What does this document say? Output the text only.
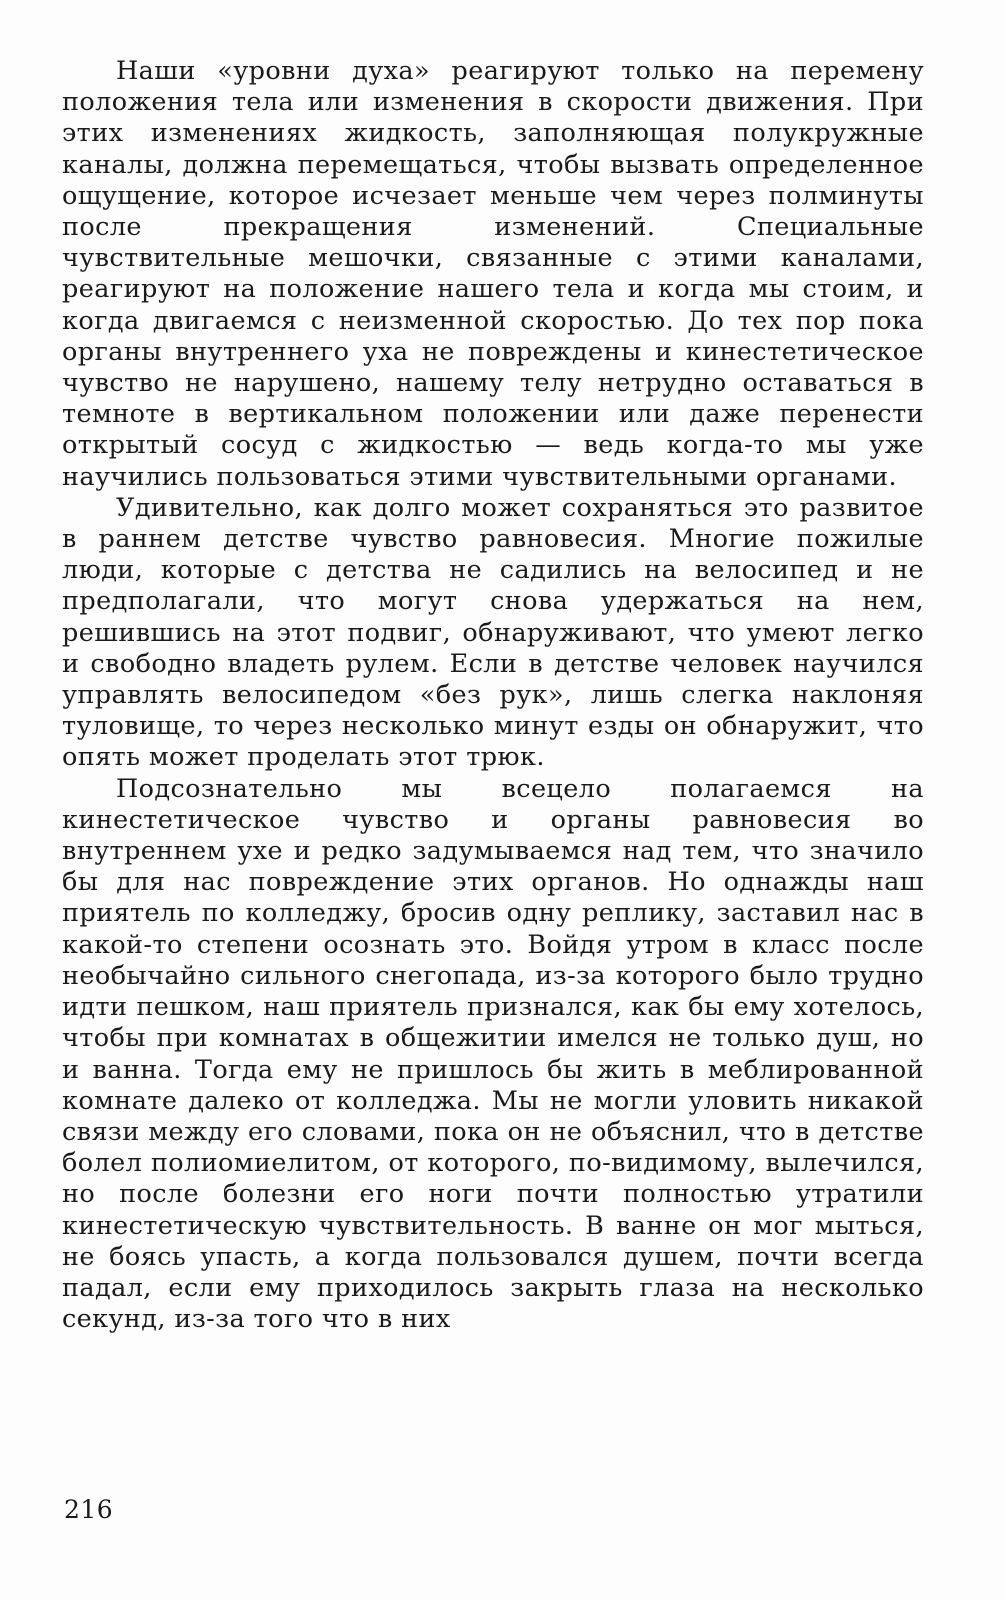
Наши «уровни духа» реагируют только на перемену положения тела или изменения в скорости движения. При этих изменениях жидкость, заполняющая полукружные каналы, должна перемещаться, чтобы вызвать определенное ощущение, которое исчезает меньше чем через полминуты после прекращения изменений. Специальные чувствительные мешочки, связанные с этими каналами, реагируют на положение нашего тела и когда мы стоим, и когда двигаемся с неизменной скоростью. До тех пор пока органы внутреннего уха не повреждены и кинестетическое чувство не нарушено, нашему телу нетрудно оставаться в темноте в вертикальном положении или даже перенести открытый сосуд с жидкостью — ведь когда-то мы уже научились пользоваться этими чувствительными органами.

Удивительно, как долго может сохраняться это развитое в раннем детстве чувство равновесия. Многие пожилые люди, которые с детства не садились на велосипед и не предполагали, что могут снова удержаться на нем, решившись на этот подвиг, обнаруживают, что умеют легко и свободно владеть рулем. Если в детстве человек научился управлять велосипедом «без рук», лишь слегка наклоняя туловище, то через несколько минут езды он обнаружит, что опять может проделать этот трюк.

Подсознательно мы всецело полагаемся на кинестетическое чувство и органы равновесия во внутреннем ухе и редко задумываемся над тем, что значило бы для нас повреждение этих органов. Но однажды наш приятель по колледжу, бросив одну реплику, заставил нас в какой-то степени осознать это. Войдя утром в класс после необычайно сильного снегопада, из-за которого было трудно идти пешком, наш приятель признался, как бы ему хотелось, чтобы при комнатах в общежитии имелся не только душ, но и ванна. Тогда ему не пришлось бы жить в меблированной комнате далеко от колледжа. Мы не могли уловить никакой связи между его словами, пока он не объяснил, что в детстве болел полиомиелитом, от которого, по-видимому, вылечился, но после болезни его ноги почти полностью утратили кинестетическую чувствительность. В ванне он мог мыться, не боясь упасть, а когда пользовался душем, почти всегда падал, если ему приходилось закрыть глаза на несколько секунд, из-за того что в них

216
